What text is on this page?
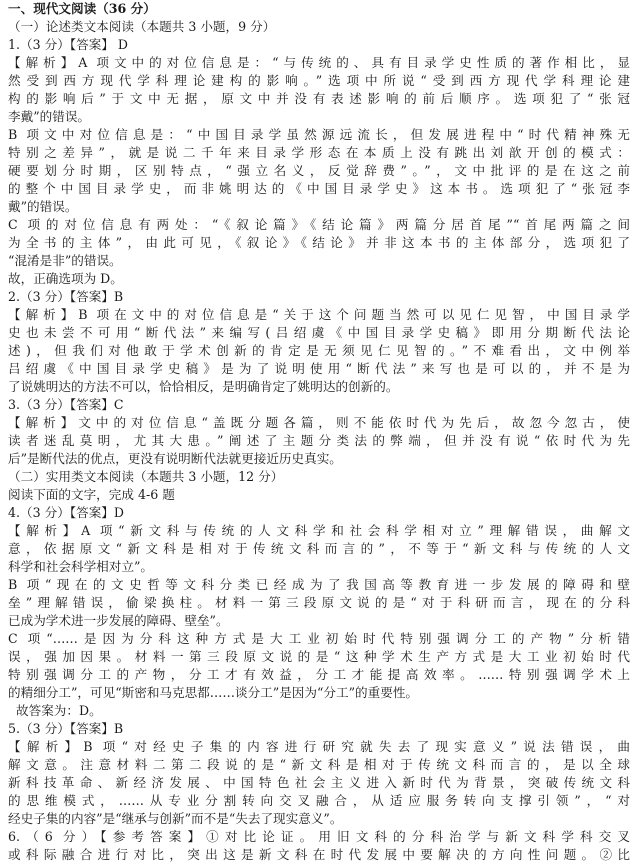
一、现代文阅读（36 分）
（一）论述类文本阅读（本题共 3 小题，9 分）
1.（3 分）【答案】 D
【解析】A 项文中的对位信息是：“与传统的、具有目录学史性质的著作相比，显
然受到西方现代学科理论建构的影响。”选项中所说“受到西方现代学科理论建
构的影响后”于文中无据，原文中并没有表述影响的前后顺序。选项犯了“张冠
李戴”的错误。
B 项文中对位信息是：“中国目录学虽然源远流长，但发展进程中“时代精神殊无
特别之差异”，就是说二千年来目录学形态在本质上没有跳出刘歆开创的模式：
硬要划分时期，区别特点，“强立名义，反觉辞费”。”，文中批评的是在这之前
的整个中国目录学史，而非姚明达的《中国目录学史》这本书。选项犯了“张冠李
戴”的错误。
C 项的对位信息有两处：“《叙论篇》《结论篇》两篇分居首尾”“首尾两篇之间
为全书的主体”，由此可见，《叙论》《结论》并非这本书的主体部分，选项犯了
“混淆是非”的错误。
故，正确选项为 D。
2.（3 分）【答案】B
【解析】B 项在文中的对位信息是“关于这个问题当然可以见仁见智，中国目录学
史也未尝不可用“断代法”来编写(吕绍虞《中国目录学史稿》即用分期断代法论
述)，但我们对他敢于学术创新的肯定是无须见仁见智的。”不难看出，文中例举
吕绍虞《中国目录学史稿》是为了说明使用“断代法”来写也是可以的，并不是为
了说姚明达的方法不可以，恰恰相反，是明确肯定了姚明达的创新的。
3.（3 分）【答案】C
【解析】文中的对位信息“盖既分题各篇，则不能依时代为先后，故忽今忽古，使
读者迷乱莫明，尤其大患。”阐述了主题分类法的弊端，但并没有说“依时代为先
后”是断代法的优点，更没有说明断代法就更接近历史真实。
（二）实用类文本阅读（本题共 3 小题，12 分）
阅读下面的文字，完成 4-6 题
4.（3 分）【答案】D
【解析】A 项“新文科与传统的人文科学和社会科学相对立”理解错误，曲解文
意，依据原文“新文科是相对于传统文科而言的”，不等于“新文科与传统的人文
科学和社会科学相对立”。
B 项“现在的文史哲等文科分类已经成为了我国高等教育进一步发展的障碍和壁
垒”理解错误，偷梁换柱。材料一第三段原文说的是“对于科研而言，现在的分科
已成为学术进一步发展的障碍、壁垒”。
C 项“……是因为分科这种方式是大工业初始时代特别强调分工的产物”分析错
误，强加因果。材料一第三段原文说的是“这种学术生产方式是大工业初始时代
特别强调分工的产物，分工才有效益，分工才能提高效率。……特别强调学术上
的精细分工”，可见“斯密和马克思都……谈分工”是因为“分工”的重要性。
故答案为：D。
5.（3 分）【答案】B
【解析】B 项“对经史子集的内容进行研究就失去了现实意义”说法错误，曲
解文意。注意材料二第二段说的是“新文科是相对于传统文科而言的，是以全球
新科技革命、新经济发展、中国特色社会主义进入新时代为背景，突破传统文科
的思维模式，……从专业分割转向交叉融合，从适应服务转向支撑引领”，“对
经史子集的内容”是“继承与创新”而不是“失去了现实意义”。
6.（6 分）【参考答案】①对比论证。用旧文科的分科治学与新文科学科交叉
或科际融合进行对比，突出这是新文科在时代发展中要解决的方向性问题。②比
